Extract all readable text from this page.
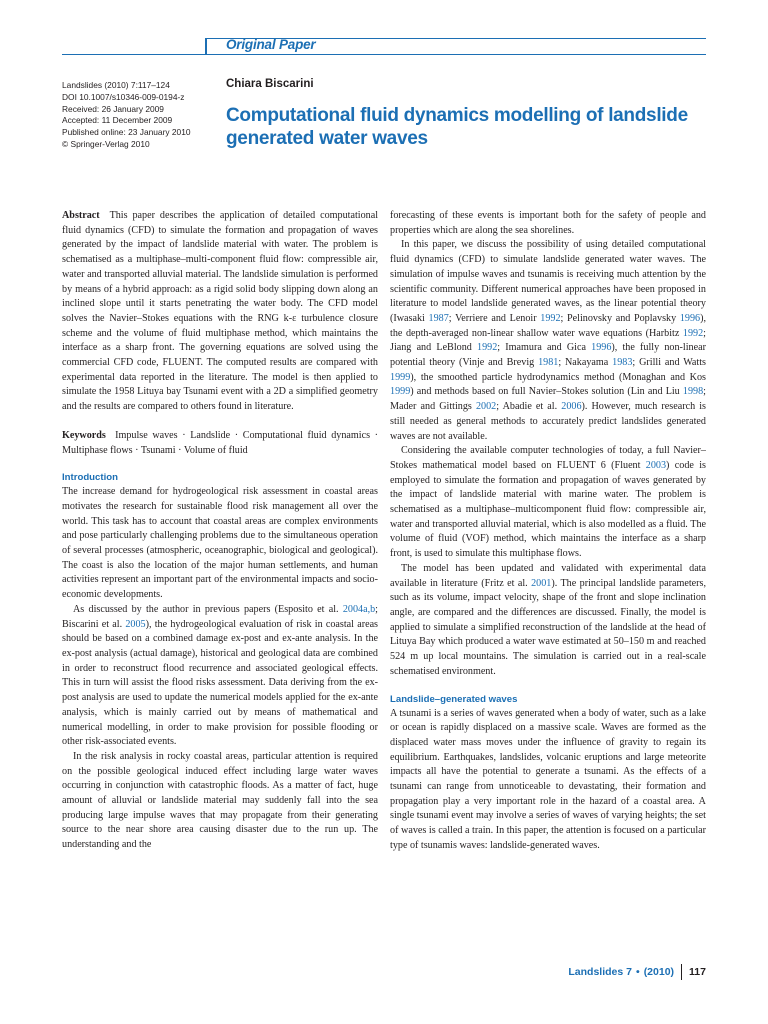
Original Paper
Landslides (2010) 7:117–124
DOI 10.1007/s10346-009-0194-z
Received: 26 January 2009
Accepted: 11 December 2009
Published online: 23 January 2010
© Springer-Verlag 2010
Chiara Biscarini
Computational fluid dynamics modelling of landslide generated water waves

Abstract This paper describes the application of detailed computational fluid dynamics (CFD) to simulate the formation and propagation of waves generated by the impact of landslide material with water. The problem is schematised as a multiphase–multi-component fluid flow: compressible air, water and transported alluvial material. The landslide simulation is performed by means of a hybrid approach: as a rigid solid body slipping down along an inclined slope until it starts penetrating the water body. The CFD model solves the Navier–Stokes equations with the RNG k-ε turbulence closure scheme and the volume of fluid multiphase method, which maintains the interface as a sharp front. The governing equations are solved using the commercial CFD code, FLUENT. The computed results are compared with experimental data reported in the literature. The model is then applied to simulate the 1958 Lituya bay Tsunami event with a 2D a simplified geometry and the results are compared to others found in literature.

Keywords Impulse waves · Landslide · Computational fluid dynamics · Multiphase flows · Tsunami · Volume of fluid

Introduction

The increase demand for hydrogeological risk assessment in coastal areas motivates the research for sustainable flood risk management all over the world. This task has to account that coastal areas are complex environments and pose particularly challenging problems due to the simultaneous operation of several processes (atmospheric, oceanographic, biological and geological). The coast is also the location of the major human settlements, and human activities represent an important part of the environmental impacts and socio-economic developments.

As discussed by the author in previous papers (Esposito et al. 2004a,b; Biscarini et al. 2005), the hydrogeological evaluation of risk in coastal areas should be based on a combined damage ex-post and ex-ante analysis. In the ex-post analysis (actual damage), historical and geological data are combined in order to reconstruct flood recurrence and associated geological effects. This in turn will assist the flood risks assessment. Data deriving from the ex-post analysis are used to update the numerical models applied for the ex-ante analysis, which is mainly carried out by means of mathematical and numerical modelling, in order to make provision for possible flooding or other risk-associated events.

In the risk analysis in rocky coastal areas, particular attention is required on the possible geological induced effect including large water waves occurring in conjunction with catastrophic floods. As a matter of fact, huge amount of alluvial or landslide material may suddenly fall into the sea producing large impulse waves that may propagate from their generating source to the near shore area causing disaster due to the run up. The understanding and the

forecasting of these events is important both for the safety of people and properties which are along the sea shorelines.

In this paper, we discuss the possibility of using detailed computational fluid dynamics (CFD) to simulate landslide generated water waves. The simulation of impulse waves and tsunamis is receiving much attention by the scientific community. Different numerical approaches have been proposed in literature to model landslide generated waves, as the linear potential theory (Iwasaki 1987; Verriere and Lenoir 1992; Pelinovsky and Poplavsky 1996), the depth-averaged non-linear shallow water wave equations (Harbitz 1992; Jiang and LeBlond 1992; Imamura and Gica 1996), the fully non-linear potential theory (Vinje and Brevig 1981; Nakayama 1983; Grilli and Watts 1999), the smoothed particle hydrodynamics method (Monaghan and Kos 1999) and methods based on full Navier–Stokes solution (Lin and Liu 1998; Mader and Gittings 2002; Abadie et al. 2006). However, much research is still needed as general methods to accurately predict landslides generated waves are not available.

Considering the available computer technologies of today, a full Navier–Stokes mathematical model based on FLUENT 6 (Fluent 2003) code is employed to simulate the formation and propagation of waves generated by the impact of landslide material with marine water. The problem is schematised as a multiphase–multicomponent fluid flow: compressible air, water and transported alluvial material, which is also modelled as a fluid. The volume of fluid (VOF) method, which maintains the interface as a sharp front, is used to simulate this multiphase flows.

The model has been updated and validated with experimental data available in literature (Fritz et al. 2001). The principal landslide parameters, such as its volume, impact velocity, shape of the front and slope inclination angle, are compared and the differences are discussed. Finally, the model is applied to simulate a simplified reconstruction of the landslide at the head of Lituya Bay which produced a water wave estimated at 50–150 m and reached 524 m up local mountains. The simulation is carried out in a real-scale schematised environment.

Landslide–generated waves

A tsunami is a series of waves generated when a body of water, such as a lake or ocean is rapidly displaced on a massive scale. Waves are formed as the displaced water mass moves under the influence of gravity to regain its equilibrium. Earthquakes, landslides, volcanic eruptions and large meteorite impacts all have the potential to generate a tsunami. As the effects of a tsunami can range from unnoticeable to devastating, their formation and propagation play a very important role in the hazard of a coastal area. A single tsunami event may involve a series of waves of varying heights; the set of waves is called a train. In this paper, the attention is focused on a particular type of tsunamis waves: landslide-generated waves.

Landslides 7 • (2010) 117
